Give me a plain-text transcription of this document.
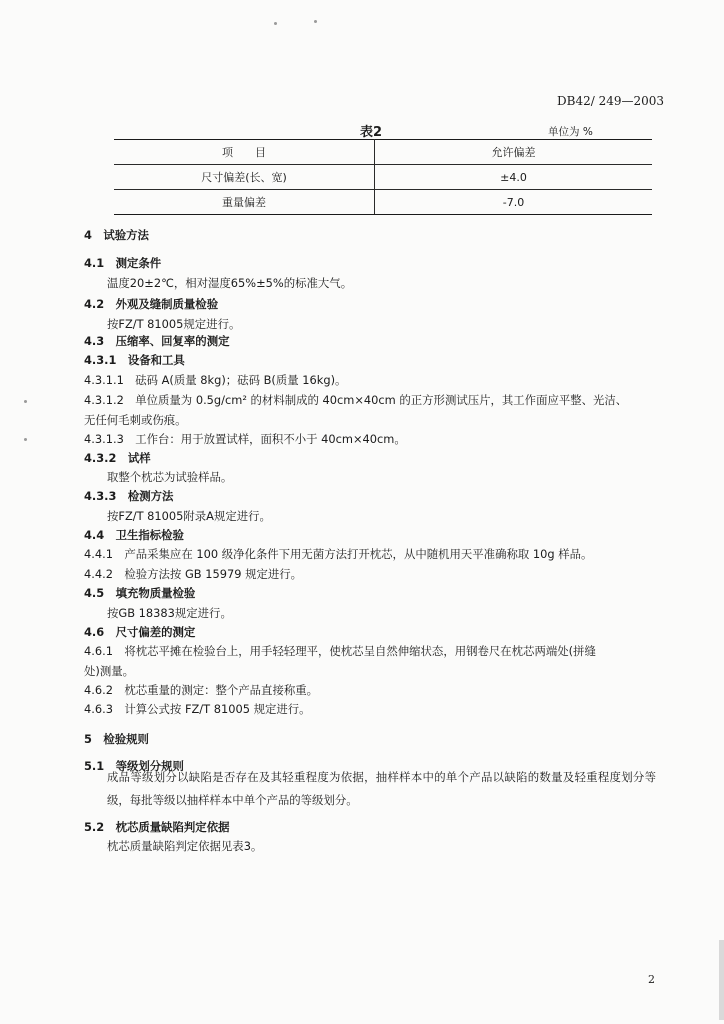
DB42/ 249—2003
表2	单位为 %
项　　目	允许偏差
尺寸偏差(长、宽)	±4.0
重量偏差	-7.0
4　试验方法
4.1　测定条件
温度20±2℃，相对湿度65%±5%的标准大气。
4.2　外观及缝制质量检验
按FZ/T 81005规定进行。
4.3　压缩率、回复率的测定
4.3.1　设备和工具
4.3.1.1　砝码 A(质量 8kg)；砝码 B(质量 16kg)。
4.3.1.2　单位质量为 0.5g/cm² 的材料制成的 40cm×40cm 的正方形测试压片，其工作面应平整、光洁、
无任何毛刺或伤痕。
4.3.1.3　工作台：用于放置试样，面积不小于 40cm×40cm。
4.3.2　试样
取整个枕芯为试验样品。
4.3.3　检测方法
按FZ/T 81005附录A规定进行。
4.4　卫生指标检验
4.4.1　产品采集应在 100 级净化条件下用无菌方法打开枕芯，从中随机用天平准确称取 10g 样品。
4.4.2　检验方法按 GB 15979 规定进行。
4.5　填充物质量检验
按GB 18383规定进行。
4.6　尺寸偏差的测定
4.6.1　将枕芯平摊在检验台上，用手轻轻理平，使枕芯呈自然伸缩状态，用钢卷尺在枕芯两端处(拼缝
处)测量。
4.6.2　枕芯重量的测定：整个产品直接称重。
4.6.3　计算公式按 FZ/T 81005 规定进行。
5　检验规则
5.1　等级划分规则
成品等级划分以缺陷是否存在及其轻重程度为依据，抽样样本中的单个产品以缺陷的数量及轻重程度划分等级，每批等级以抽样样本中单个产品的等级划分。
5.2　枕芯质量缺陷判定依据
枕芯质量缺陷判定依据见表3。
2
